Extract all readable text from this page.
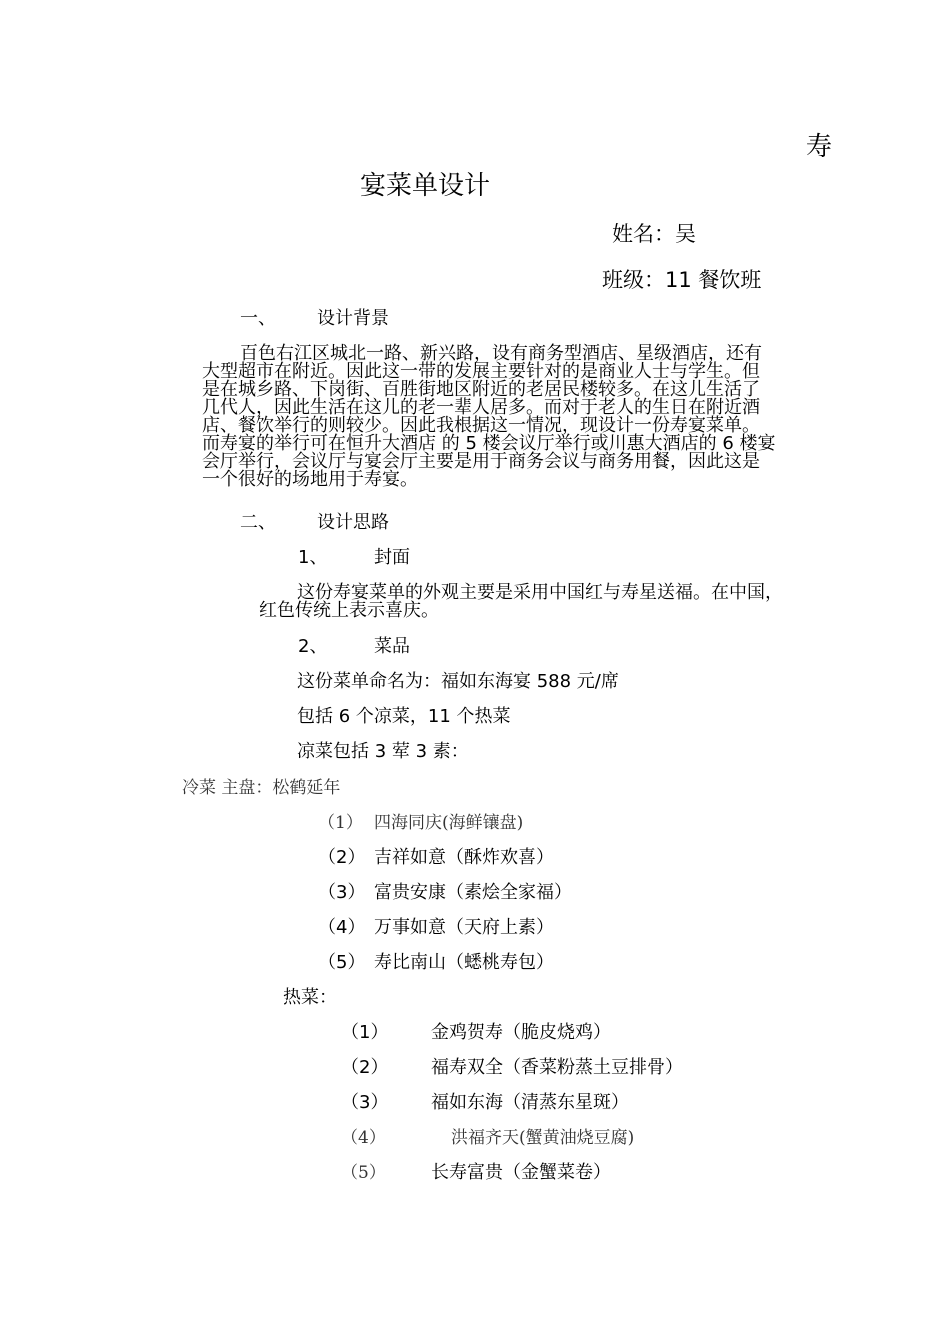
寿
宴菜单设计
姓名：吴
班级：11 餐饮班
一、 设计背景
百色右江区城北一路、新兴路，设有商务型酒店、星级酒店，还有
大型超市在附近。因此这一带的发展主要针对的是商业人士与学生。但
是在城乡路、下岗街、百胜街地区附近的老居民楼较多。在这儿生活了
几代人，因此生活在这儿的老一辈人居多。而对于老人的生日在附近酒
店、餐饮举行的则较少。因此我根据这一情况，现设计一份寿宴菜单。
而寿宴的举行可在恒升大酒店 的 5 楼会议厅举行或川惠大酒店的 6 楼宴
会厅举行，会议厅与宴会厅主要是用于商务会议与商务用餐，因此这是
一个很好的场地用于寿宴。
二、 设计思路
1、	封面
这份寿宴菜单的外观主要是采用中国红与寿星送福。在中国，
红色传统上表示喜庆。
2、	菜品
这份菜单命名为：福如东海宴 588 元/席
包括 6 个凉菜，11 个热菜
凉菜包括 3 荤 3 素：
冷菜 主盘：松鹤延年
（1） 四海同庆(海鲜镶盘)
（2） 吉祥如意（酥炸欢喜）
（3） 富贵安康（素烩全家福）
（4） 万事如意（天府上素）
（5） 寿比南山（蟋桃寿包）
热菜：
（1） 金鸡贺寿（脆皮烧鸡）
（2） 福寿双全（香菜粉蒸土豆排骨）
（3） 福如东海（清蒸东星斑）
（4）	洪福齐天(蟹黄油烧豆腐)
（5）	长寿富贵（金蟹菜卷）
